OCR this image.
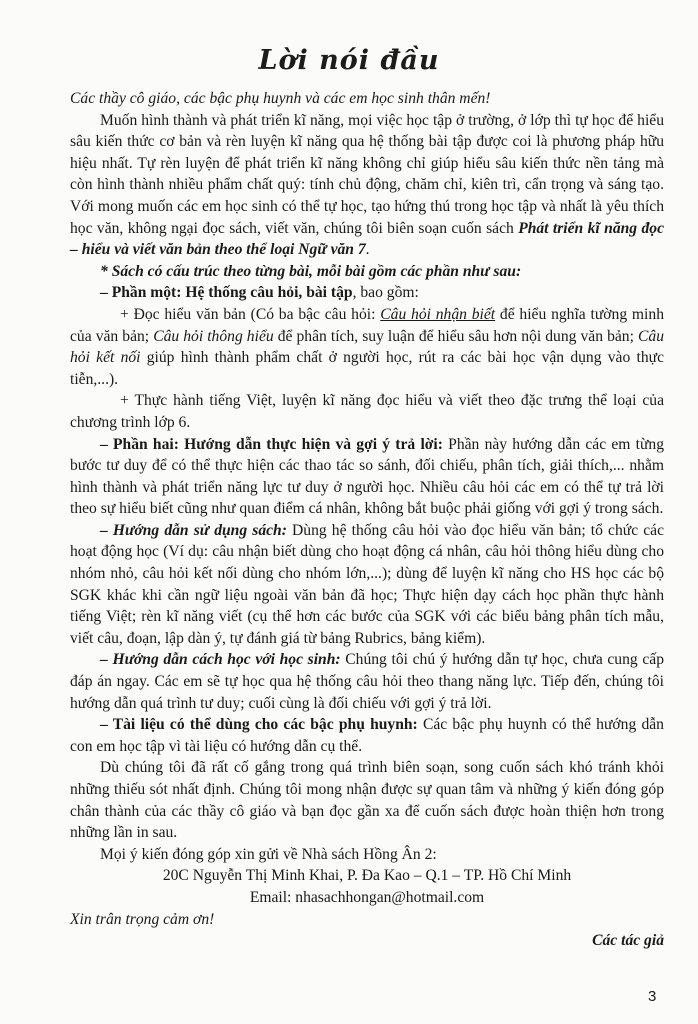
Lời nói đầu

Các thầy cô giáo, các bậc phụ huynh và các em học sinh thân mến!

Muốn hình thành và phát triển kĩ năng, mọi việc học tập ở trường, ở lớp thì tự học để hiểu sâu kiến thức cơ bản và rèn luyện kĩ năng qua hệ thống bài tập được coi là phương pháp hữu hiệu nhất. Tự rèn luyện để phát triển kĩ năng không chỉ giúp hiểu sâu kiến thức nền tảng mà còn hình thành nhiều phẩm chất quý: tính chủ động, chăm chỉ, kiên trì, cẩn trọng và sáng tạo. Với mong muốn các em học sinh có thể tự học, tạo hứng thú trong học tập và nhất là yêu thích học văn, không ngại đọc sách, viết văn, chúng tôi biên soạn cuốn sách Phát triển kĩ năng đọc – hiểu và viết văn bản theo thể loại Ngữ văn 7.

* Sách có cấu trúc theo từng bài, mỗi bài gồm các phần như sau:

– Phần một: Hệ thống câu hỏi, bài tập, bao gồm:

+ Đọc hiểu văn bản (Có ba bậc câu hỏi: Câu hỏi nhận biết để hiểu nghĩa tường minh của văn bản; Câu hỏi thông hiểu để phân tích, suy luận để hiểu sâu hơn nội dung văn bản; Câu hỏi kết nối giúp hình thành phẩm chất ở người học, rút ra các bài học vận dụng vào thực tiễn,...).

+ Thực hành tiếng Việt, luyện kĩ năng đọc hiểu và viết theo đặc trưng thể loại của chương trình lớp 6.

– Phần hai: Hướng dẫn thực hiện và gợi ý trả lời: Phần này hướng dẫn các em từng bước tư duy để có thể thực hiện các thao tác so sánh, đối chiếu, phân tích, giải thích,... nhằm hình thành và phát triển năng lực tư duy ở người học. Nhiều câu hỏi các em có thể tự trả lời theo sự hiểu biết cũng như quan điểm cá nhân, không bắt buộc phải giống với gợi ý trong sách.

– Hướng dẫn sử dụng sách: Dùng hệ thống câu hỏi vào đọc hiểu văn bản; tổ chức các hoạt động học (Ví dụ: câu nhận biết dùng cho hoạt động cá nhân, câu hỏi thông hiểu dùng cho nhóm nhỏ, câu hỏi kết nối dùng cho nhóm lớn,...); dùng để luyện kĩ năng cho HS học các bộ SGK khác khi cần ngữ liệu ngoài văn bản đã học; Thực hiện dạy cách học phần thực hành tiếng Việt; rèn kĩ năng viết (cụ thể hơn các bước của SGK với các biểu bảng phân tích mẫu, viết câu, đoạn, lập dàn ý, tự đánh giá từ bảng Rubrics, bảng kiểm).

– Hướng dẫn cách học với học sinh: Chúng tôi chú ý hướng dẫn tự học, chưa cung cấp đáp án ngay. Các em sẽ tự học qua hệ thống câu hỏi theo thang năng lực. Tiếp đến, chúng tôi hướng dẫn quá trình tư duy; cuối cùng là đối chiếu với gợi ý trả lời.

– Tài liệu có thể dùng cho các bậc phụ huynh: Các bậc phụ huynh có thể hướng dẫn con em học tập vì tài liệu có hướng dẫn cụ thể.

Dù chúng tôi đã rất cố gắng trong quá trình biên soạn, song cuốn sách khó tránh khỏi những thiếu sót nhất định. Chúng tôi mong nhận được sự quan tâm và những ý kiến đóng góp chân thành của các thầy cô giáo và bạn đọc gần xa để cuốn sách được hoàn thiện hơn trong những lần in sau.

Mọi ý kiến đóng góp xin gửi về Nhà sách Hồng Ân 2:

20C Nguyễn Thị Minh Khai, P. Đa Kao – Q.1 – TP. Hồ Chí Minh

Email: nhasachhongan@hotmail.com

Xin trân trọng cảm ơn!

Các tác giả

3
